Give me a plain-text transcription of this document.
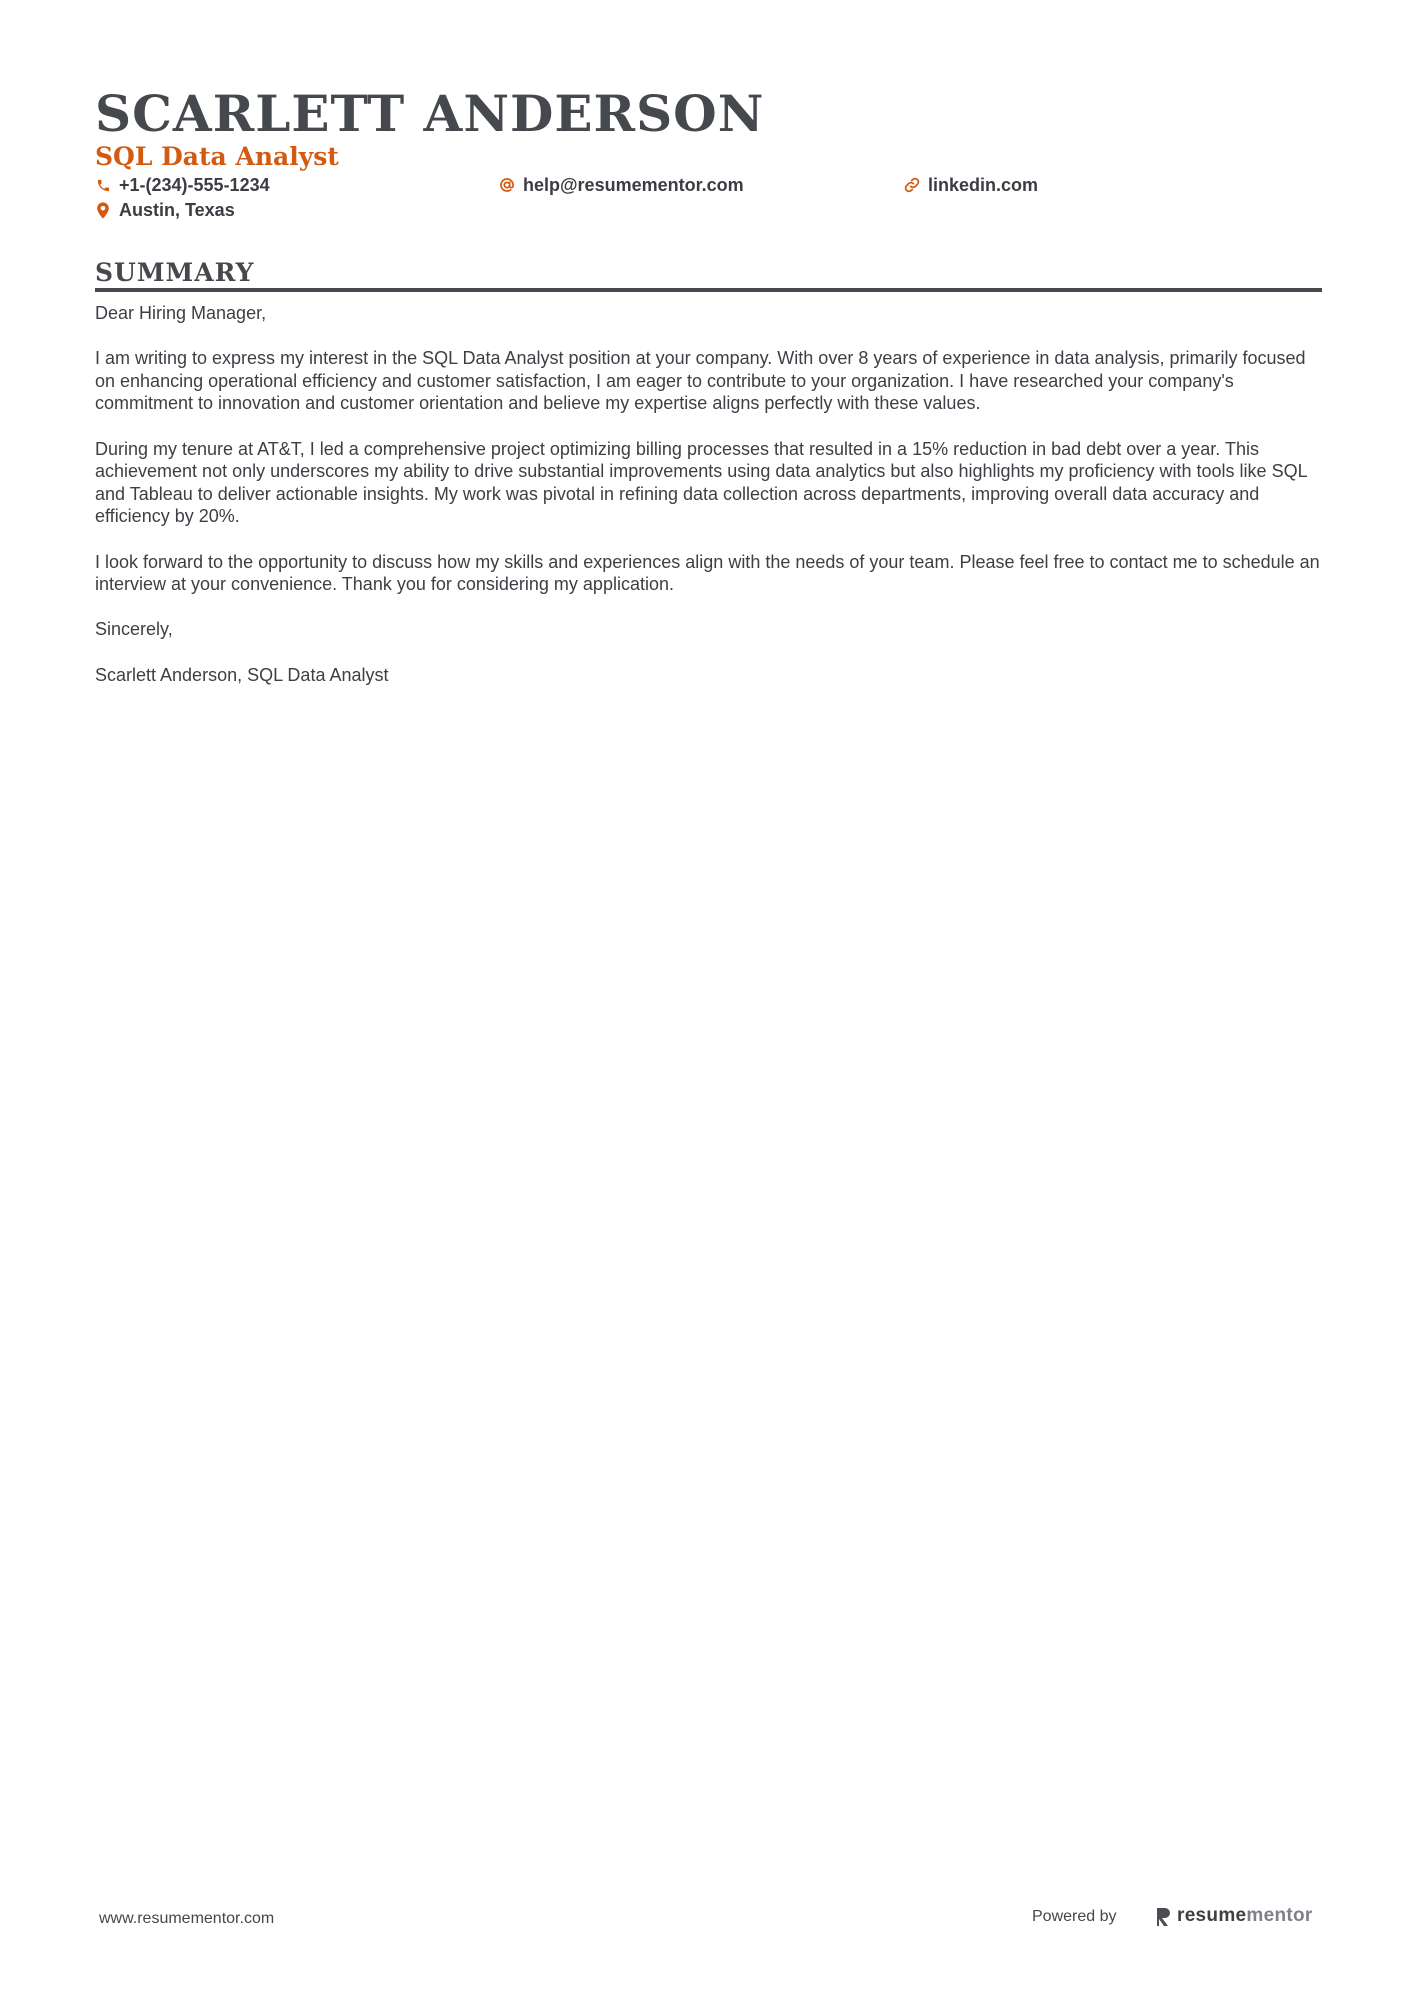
SCARLETT ANDERSON
SQL Data Analyst
+1-(234)-555-1234	help@resumementor.com	linkedin.com
Austin, Texas
SUMMARY

Dear Hiring Manager,

I am writing to express my interest in the SQL Data Analyst position at your company. With over 8 years of experience in data analysis, primarily focused on enhancing operational efficiency and customer satisfaction, I am eager to contribute to your organization. I have researched your company's commitment to innovation and customer orientation and believe my expertise aligns perfectly with these values.

During my tenure at AT&T, I led a comprehensive project optimizing billing processes that resulted in a 15% reduction in bad debt over a year. This achievement not only underscores my ability to drive substantial improvements using data analytics but also highlights my proficiency with tools like SQL and Tableau to deliver actionable insights. My work was pivotal in refining data collection across departments, improving overall data accuracy and efficiency by 20%.

I look forward to the opportunity to discuss how my skills and experiences align with the needs of your team. Please feel free to contact me to schedule an interview at your convenience. Thank you for considering my application.

Sincerely,

Scarlett Anderson, SQL Data Analyst

www.resumementor.com	Powered by	resumementor
